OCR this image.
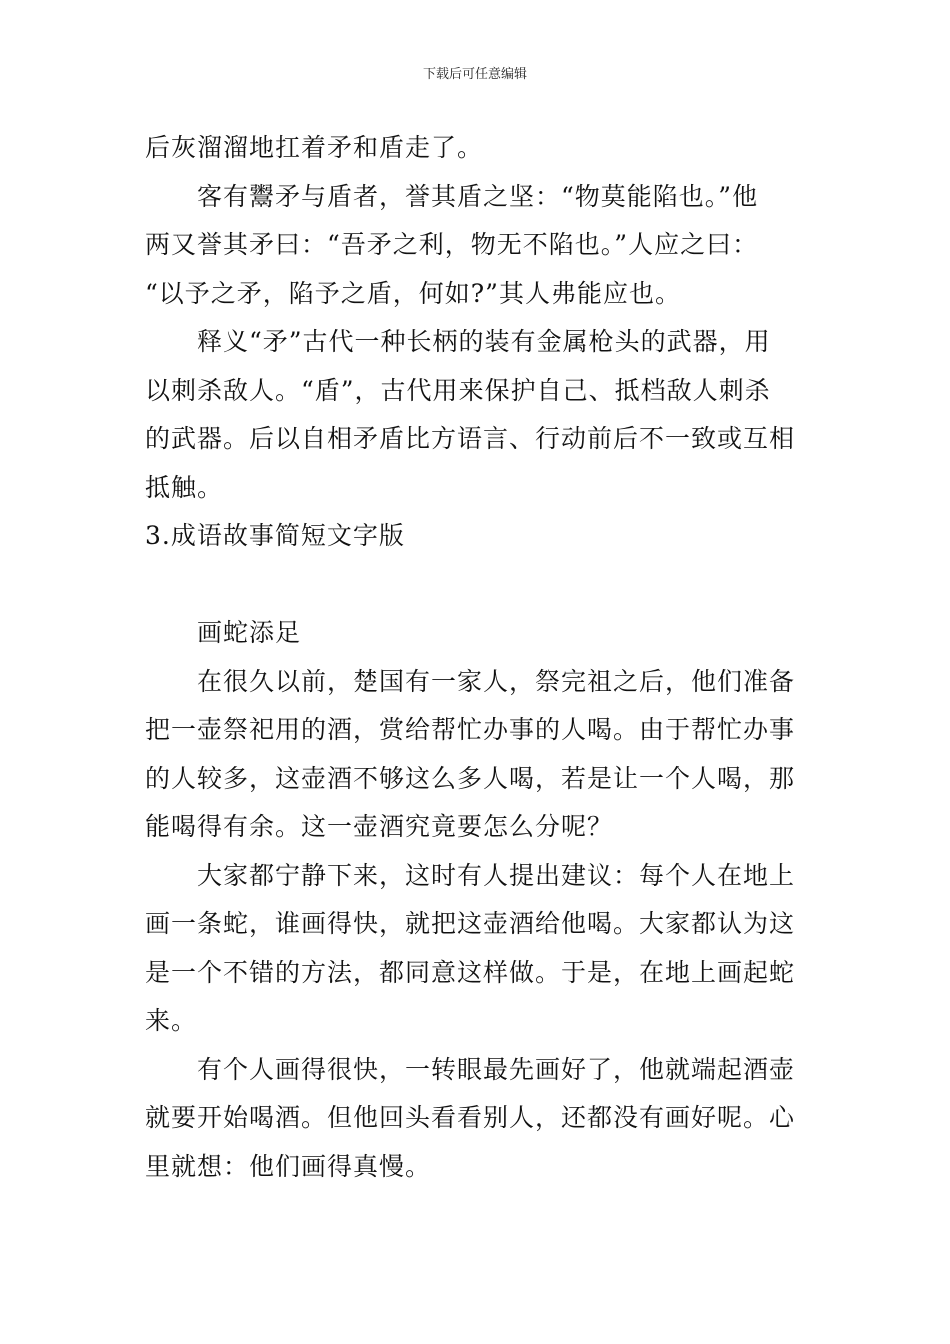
下载后可任意编辑

后灰溜溜地扛着矛和盾走了。

客有鬻矛与盾者，誉其盾之坚：“物莫能陷也。”他
两又誉其矛曰：“吾矛之利，物无不陷也。”人应之曰：
“以予之矛，陷予之盾，何如?”其人弗能应也。

释义“矛”古代一种长柄的装有金属枪头的武器，用
以刺杀敌人。“盾”，古代用来保护自己、抵档敌人刺杀
的武器。后以自相矛盾比方语言、行动前后不一致或互相
抵触。

3.成语故事简短文字版

画蛇添足

在很久以前，楚国有一家人，祭完祖之后，他们准备
把一壶祭祀用的酒，赏给帮忙办事的人喝。由于帮忙办事
的人较多，这壶酒不够这么多人喝，若是让一个人喝，那
能喝得有余。这一壶酒究竟要怎么分呢？

大家都宁静下来，这时有人提出建议：每个人在地上
画一条蛇，谁画得快，就把这壶酒给他喝。大家都认为这
是一个不错的方法，都同意这样做。于是，在地上画起蛇
来。

有个人画得很快，一转眼最先画好了，他就端起酒壶
就要开始喝酒。但他回头看看别人，还都没有画好呢。心
里就想：他们画得真慢。
